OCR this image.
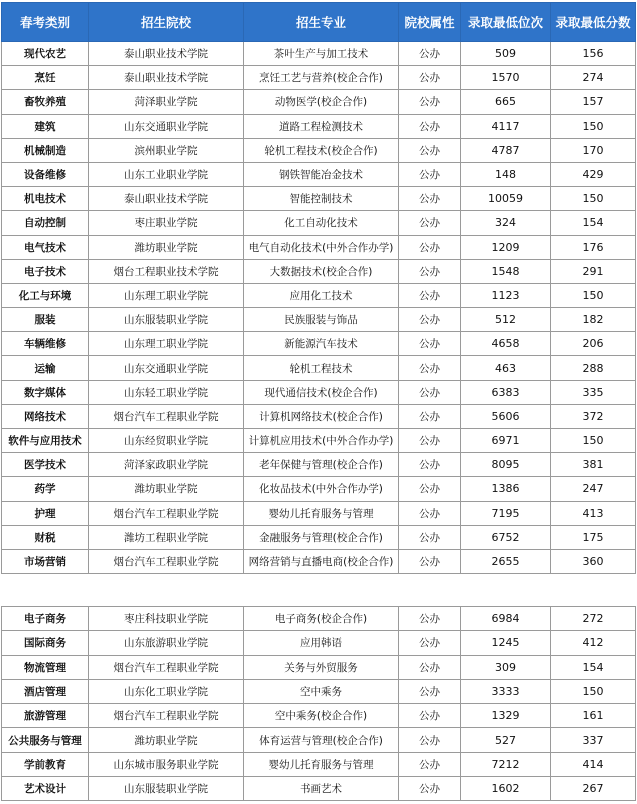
春考类别	招生院校	招生专业	院校属性	录取最低位次	录取最低分数
现代农艺	泰山职业技术学院	茶叶生产与加工技术	公办	509	156
烹饪	泰山职业技术学院	烹饪工艺与营养(校企合作)	公办	1570	274
畜牧养殖	菏泽职业学院	动物医学(校企合作)	公办	665	157
建筑	山东交通职业学院	道路工程检测技术	公办	4117	150
机械制造	滨州职业学院	轮机工程技术(校企合作)	公办	4787	170
设备维修	山东工业职业学院	钢铁智能冶金技术	公办	148	429
机电技术	泰山职业技术学院	智能控制技术	公办	10059	150
自动控制	枣庄职业学院	化工自动化技术	公办	324	154
电气技术	潍坊职业学院	电气自动化技术(中外合作办学)	公办	1209	176
电子技术	烟台工程职业技术学院	大数据技术(校企合作)	公办	1548	291
化工与环境	山东理工职业学院	应用化工技术	公办	1123	150
服装	山东服装职业学院	民族服装与饰品	公办	512	182
车辆维修	山东理工职业学院	新能源汽车技术	公办	4658	206
运输	山东交通职业学院	轮机工程技术	公办	463	288
数字媒体	山东轻工职业学院	现代通信技术(校企合作)	公办	6383	335
网络技术	烟台汽车工程职业学院	计算机网络技术(校企合作)	公办	5606	372
软件与应用技术	山东经贸职业学院	计算机应用技术(中外合作办学)	公办	6971	150
医学技术	菏泽家政职业学院	老年保健与管理(校企合作)	公办	8095	381
药学	潍坊职业学院	化妆品技术(中外合作办学)	公办	1386	247
护理	烟台汽车工程职业学院	婴幼儿托育服务与管理	公办	7195	413
财税	潍坊工程职业学院	金融服务与管理(校企合作)	公办	6752	175
市场营销	烟台汽车工程职业学院	网络营销与直播电商(校企合作)	公办	2655	360
电子商务	枣庄科技职业学院	电子商务(校企合作)	公办	6984	272
国际商务	山东旅游职业学院	应用韩语	公办	1245	412
物流管理	烟台汽车工程职业学院	关务与外贸服务	公办	309	154
酒店管理	山东化工职业学院	空中乘务	公办	3333	150
旅游管理	烟台汽车工程职业学院	空中乘务(校企合作)	公办	1329	161
公共服务与管理	潍坊职业学院	体育运营与管理(校企合作)	公办	527	337
学前教育	山东城市服务职业学院	婴幼儿托育服务与管理	公办	7212	414
艺术设计	山东服装职业学院	书画艺术	公办	1602	267
